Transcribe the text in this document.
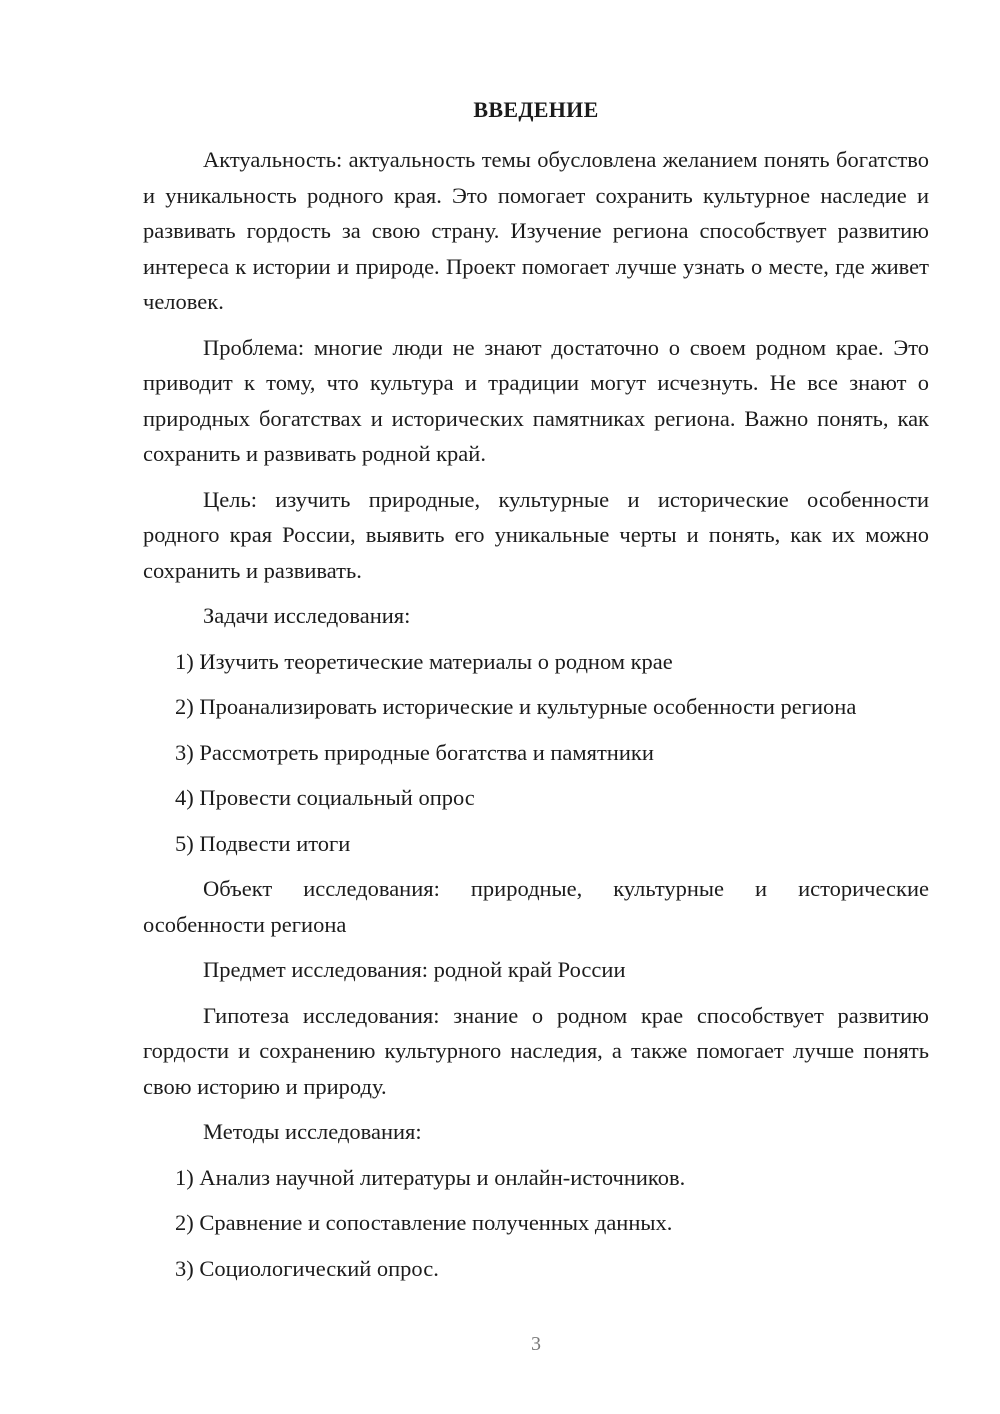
ВВЕДЕНИЕ

Актуальность: актуальность темы обусловлена желанием понять богатство и уникальность родного края. Это помогает сохранить культурное наследие и развивать гордость за свою страну. Изучение региона способствует развитию интереса к истории и природе. Проект помогает лучше узнать о месте, где живет человек.

Проблема: многие люди не знают достаточно о своем родном крае. Это приводит к тому, что культура и традиции могут исчезнуть. Не все знают о природных богатствах и исторических памятниках региона. Важно понять, как сохранить и развивать родной край.

Цель: изучить природные, культурные и исторические особенности родного края России, выявить его уникальные черты и понять, как их можно сохранить и развивать.

Задачи исследования:

1) Изучить теоретические материалы о родном крае

2) Проанализировать исторические и культурные особенности региона

3) Рассмотреть природные богатства и памятники

4) Провести социальный опрос

5) Подвести итоги

Объект исследования: природные, культурные и исторические особенности региона

Предмет исследования: родной край России

Гипотеза исследования: знание о родном крае способствует развитию гордости и сохранению культурного наследия, а также помогает лучше понять свою историю и природу.

Методы исследования:

1) Анализ научной литературы и онлайн-источников.

2) Сравнение и сопоставление полученных данных.

3) Социологический опрос.

3
